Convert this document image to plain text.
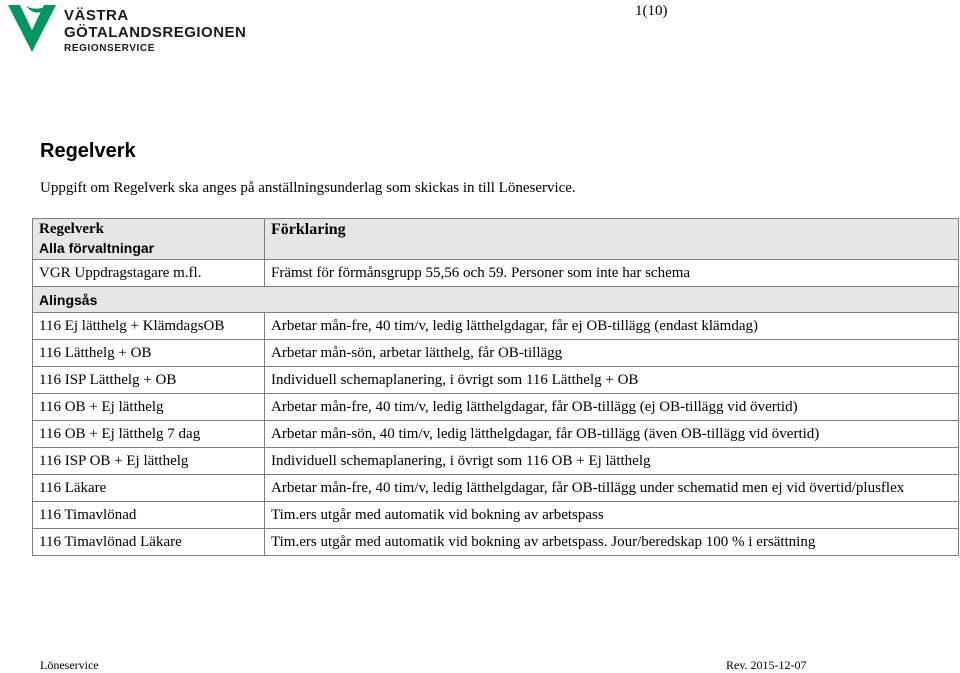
VÄSTRA
GÖTALANDSREGIONEN
REGIONSERVICE
1(10)
Regelverk
Uppgift om Regelverk ska anges på anställningsunderlag som skickas in till Löneservice.
Regelverk
Alla förvaltningar	Förklaring
VGR Uppdragstagare m.fl.	Främst för förmånsgrupp 55,56 och 59. Personer som inte har schema
Alingsås	
116 Ej lätthelg + KlämdagsOB	Arbetar mån-fre, 40 tim/v, ledig lätthelgdagar, får ej OB-tillägg (endast klämdag)
116 Lätthelg + OB	Arbetar mån-sön, arbetar lätthelg, får OB-tillägg
116 ISP Lätthelg + OB	Individuell schemaplanering, i övrigt som 116 Lätthelg + OB
116 OB + Ej lätthelg	Arbetar mån-fre, 40 tim/v, ledig lätthelgdagar, får OB-tillägg (ej OB-tillägg vid övertid)
116 OB + Ej lätthelg 7 dag	Arbetar mån-sön, 40 tim/v, ledig lätthelgdagar, får OB-tillägg (även OB-tillägg vid övertid)
116 ISP OB + Ej lätthelg	Individuell schemaplanering, i övrigt som 116 OB + Ej lätthelg
116 Läkare	Arbetar mån-fre, 40 tim/v, ledig lätthelgdagar, får OB-tillägg under schematid men ej vid övertid/plusflex
116 Timavlönad	Tim.ers utgår med automatik vid bokning av arbetspass
116 Timavlönad Läkare	Tim.ers utgår med automatik vid bokning av arbetspass. Jour/beredskap 100 % i ersättning
Löneservice	Rev. 2015-12-07
